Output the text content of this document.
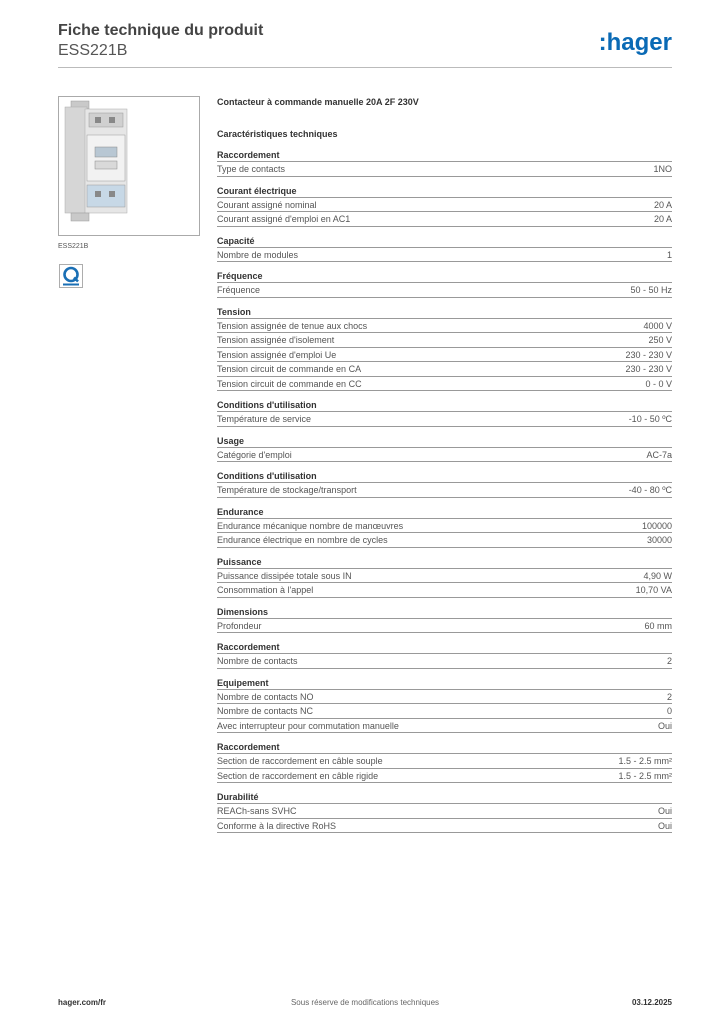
Fiche technique du produit
ESS221B	:hager
ESS221B
Contacteur à commande manuelle 20A 2F 230V
Caractéristiques techniques
Raccordement
Type de contacts	1NO
Courant électrique
Courant assigné nominal	20 A
Courant assigné d'emploi en AC1	20 A
Capacité
Nombre de modules	1
Fréquence
Fréquence	50 - 50 Hz
Tension
Tension assignée de tenue aux chocs	4000 V
Tension assignée d'isolement	250 V
Tension assignée d'emploi Ue	230 - 230 V
Tension circuit de commande en CA	230 - 230 V
Tension circuit de commande en CC	0 - 0 V
Conditions d'utilisation
Température de service	-10 - 50 ºC
Usage
Catégorie d'emploi	AC-7a
Conditions d'utilisation
Température de stockage/transport	-40 - 80 ºC
Endurance
Endurance mécanique nombre de manœuvres	100000
Endurance électrique en nombre de cycles	30000
Puissance
Puissance dissipée totale sous IN	4,90 W
Consommation à l'appel	10,70 VA
Dimensions
Profondeur	60 mm
Raccordement
Nombre de contacts	2
Equipement
Nombre de contacts NO	2
Nombre de contacts NC	0
Avec interrupteur pour commutation manuelle	Oui
Raccordement
Section de raccordement en câble souple	1.5 - 2.5 mm²
Section de raccordement en câble rigide	1.5 - 2.5 mm²
Durabilité
REACh-sans SVHC	Oui
Conforme à la directive RoHS	Oui
hager.com/fr	Sous réserve de modifications techniques	03.12.2025
